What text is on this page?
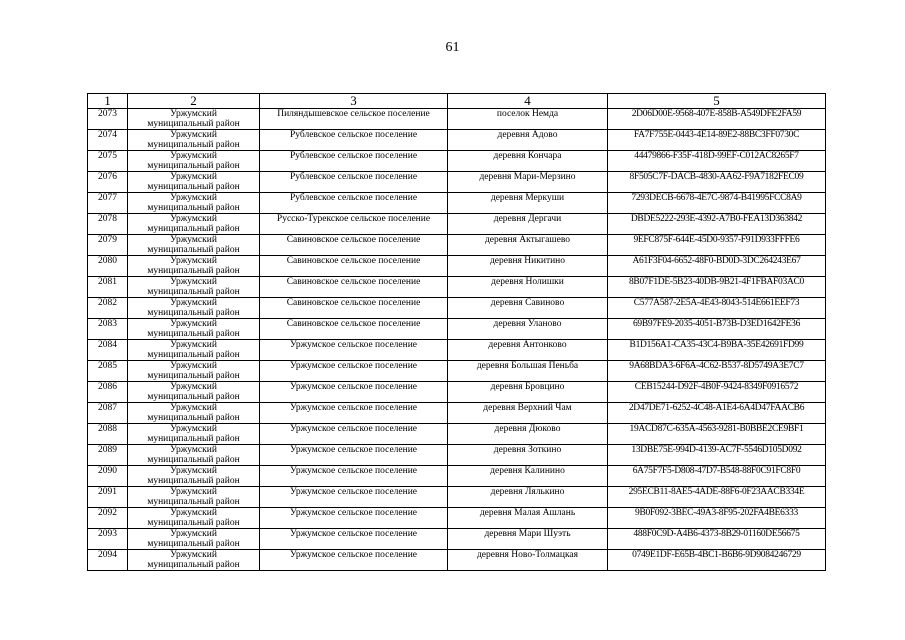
61
1	2	3	4	5
2073	Уржумский
муниципальный район	Пиляндышевское сельское поселение	поселок Немда	2D06D00E-9568-407E-858B-A549DFE2FA59
2074	Уржумский
муниципальный район	Рублевское сельское поселение	деревня Адово	FA7F755E-0443-4E14-89E2-88BC3FF0730C
2075	Уржумский
муниципальный район	Рублевское сельское поселение	деревня Кончара	44479866-F35F-418D-99EF-C012AC8265F7
2076	Уржумский
муниципальный район	Рублевское сельское поселение	деревня Мари-Мерзино	8F505C7F-DACB-4830-AA62-F9A7182FEC09
2077	Уржумский
муниципальный район	Рублевское сельское поселение	деревня Меркуши	7293DECB-6678-4E7C-9874-B41995FCC8A9
2078	Уржумский
муниципальный район	Русско-Турекское сельское поселение	деревня Дергачи	DBDE5222-293E-4392-A7B0-FEA13D363842
2079	Уржумский
муниципальный район	Савиновское сельское поселение	деревня Актыгашево	9EFC875F-644E-45D0-9357-F91D933FFFE6
2080	Уржумский
муниципальный район	Савиновское сельское поселение	деревня Никитино	A61F3F04-6652-48F0-BD0D-3DC264243E67
2081	Уржумский
муниципальный район	Савиновское сельское поселение	деревня Нолишки	8B07F1DE-5B23-40DB-9B21-4F1FBAF03AC0
2082	Уржумский
муниципальный район	Савиновское сельское поселение	деревня Савиново	C577A587-2E5A-4E43-8043-514E661EEF73
2083	Уржумский
муниципальный район	Савиновское сельское поселение	деревня Уланово	69B97FE9-2035-4051-B73B-D3ED1642FE36
2084	Уржумский
муниципальный район	Уржумское сельское поселение	деревня Антонково	B1D156A1-CA35-43C4-B9BA-35E42691FD99
2085	Уржумский
муниципальный район	Уржумское сельское поселение	деревня Большая Пеньба	9A68BDA3-6F6A-4C62-B537-8D5749A3E7C7
2086	Уржумский
муниципальный район	Уржумское сельское поселение	деревня Бровцино	CEB15244-D92F-4B0F-9424-8349F0916572
2087	Уржумский
муниципальный район	Уржумское сельское поселение	деревня Верхний Чам	2D47DE71-6252-4C48-A1E4-6A4D47FAACB6
2088	Уржумский
муниципальный район	Уржумское сельское поселение	деревня Дюково	19ACD87C-635A-4563-9281-B0BBE2CE9BF1
2089	Уржумский
муниципальный район	Уржумское сельское поселение	деревня Зоткино	13DBE75E-994D-4139-AC7F-5546D105D092
2090	Уржумский
муниципальный район	Уржумское сельское поселение	деревня Калинино	6A75F7F5-D808-47D7-B548-88F0C91FC8F0
2091	Уржумский
муниципальный район	Уржумское сельское поселение	деревня Лялькино	295ECB11-8AE5-4ADE-88F6-0F23AACB334E
2092	Уржумский
муниципальный район	Уржумское сельское поселение	деревня Малая Ашлань	9B0F092-3BEC-49A3-8F95-202FA4BE6333
2093	Уржумский
муниципальный район	Уржумское сельское поселение	деревня Мари Шуэть	488F0C9D-A4B6-4373-8B29-01160DE56675
2094	Уржумский
муниципальный район	Уржумское сельское поселение	деревня Ново-Толмацкая	0749E1DF-E65B-4BC1-B6B6-9D9084246729
